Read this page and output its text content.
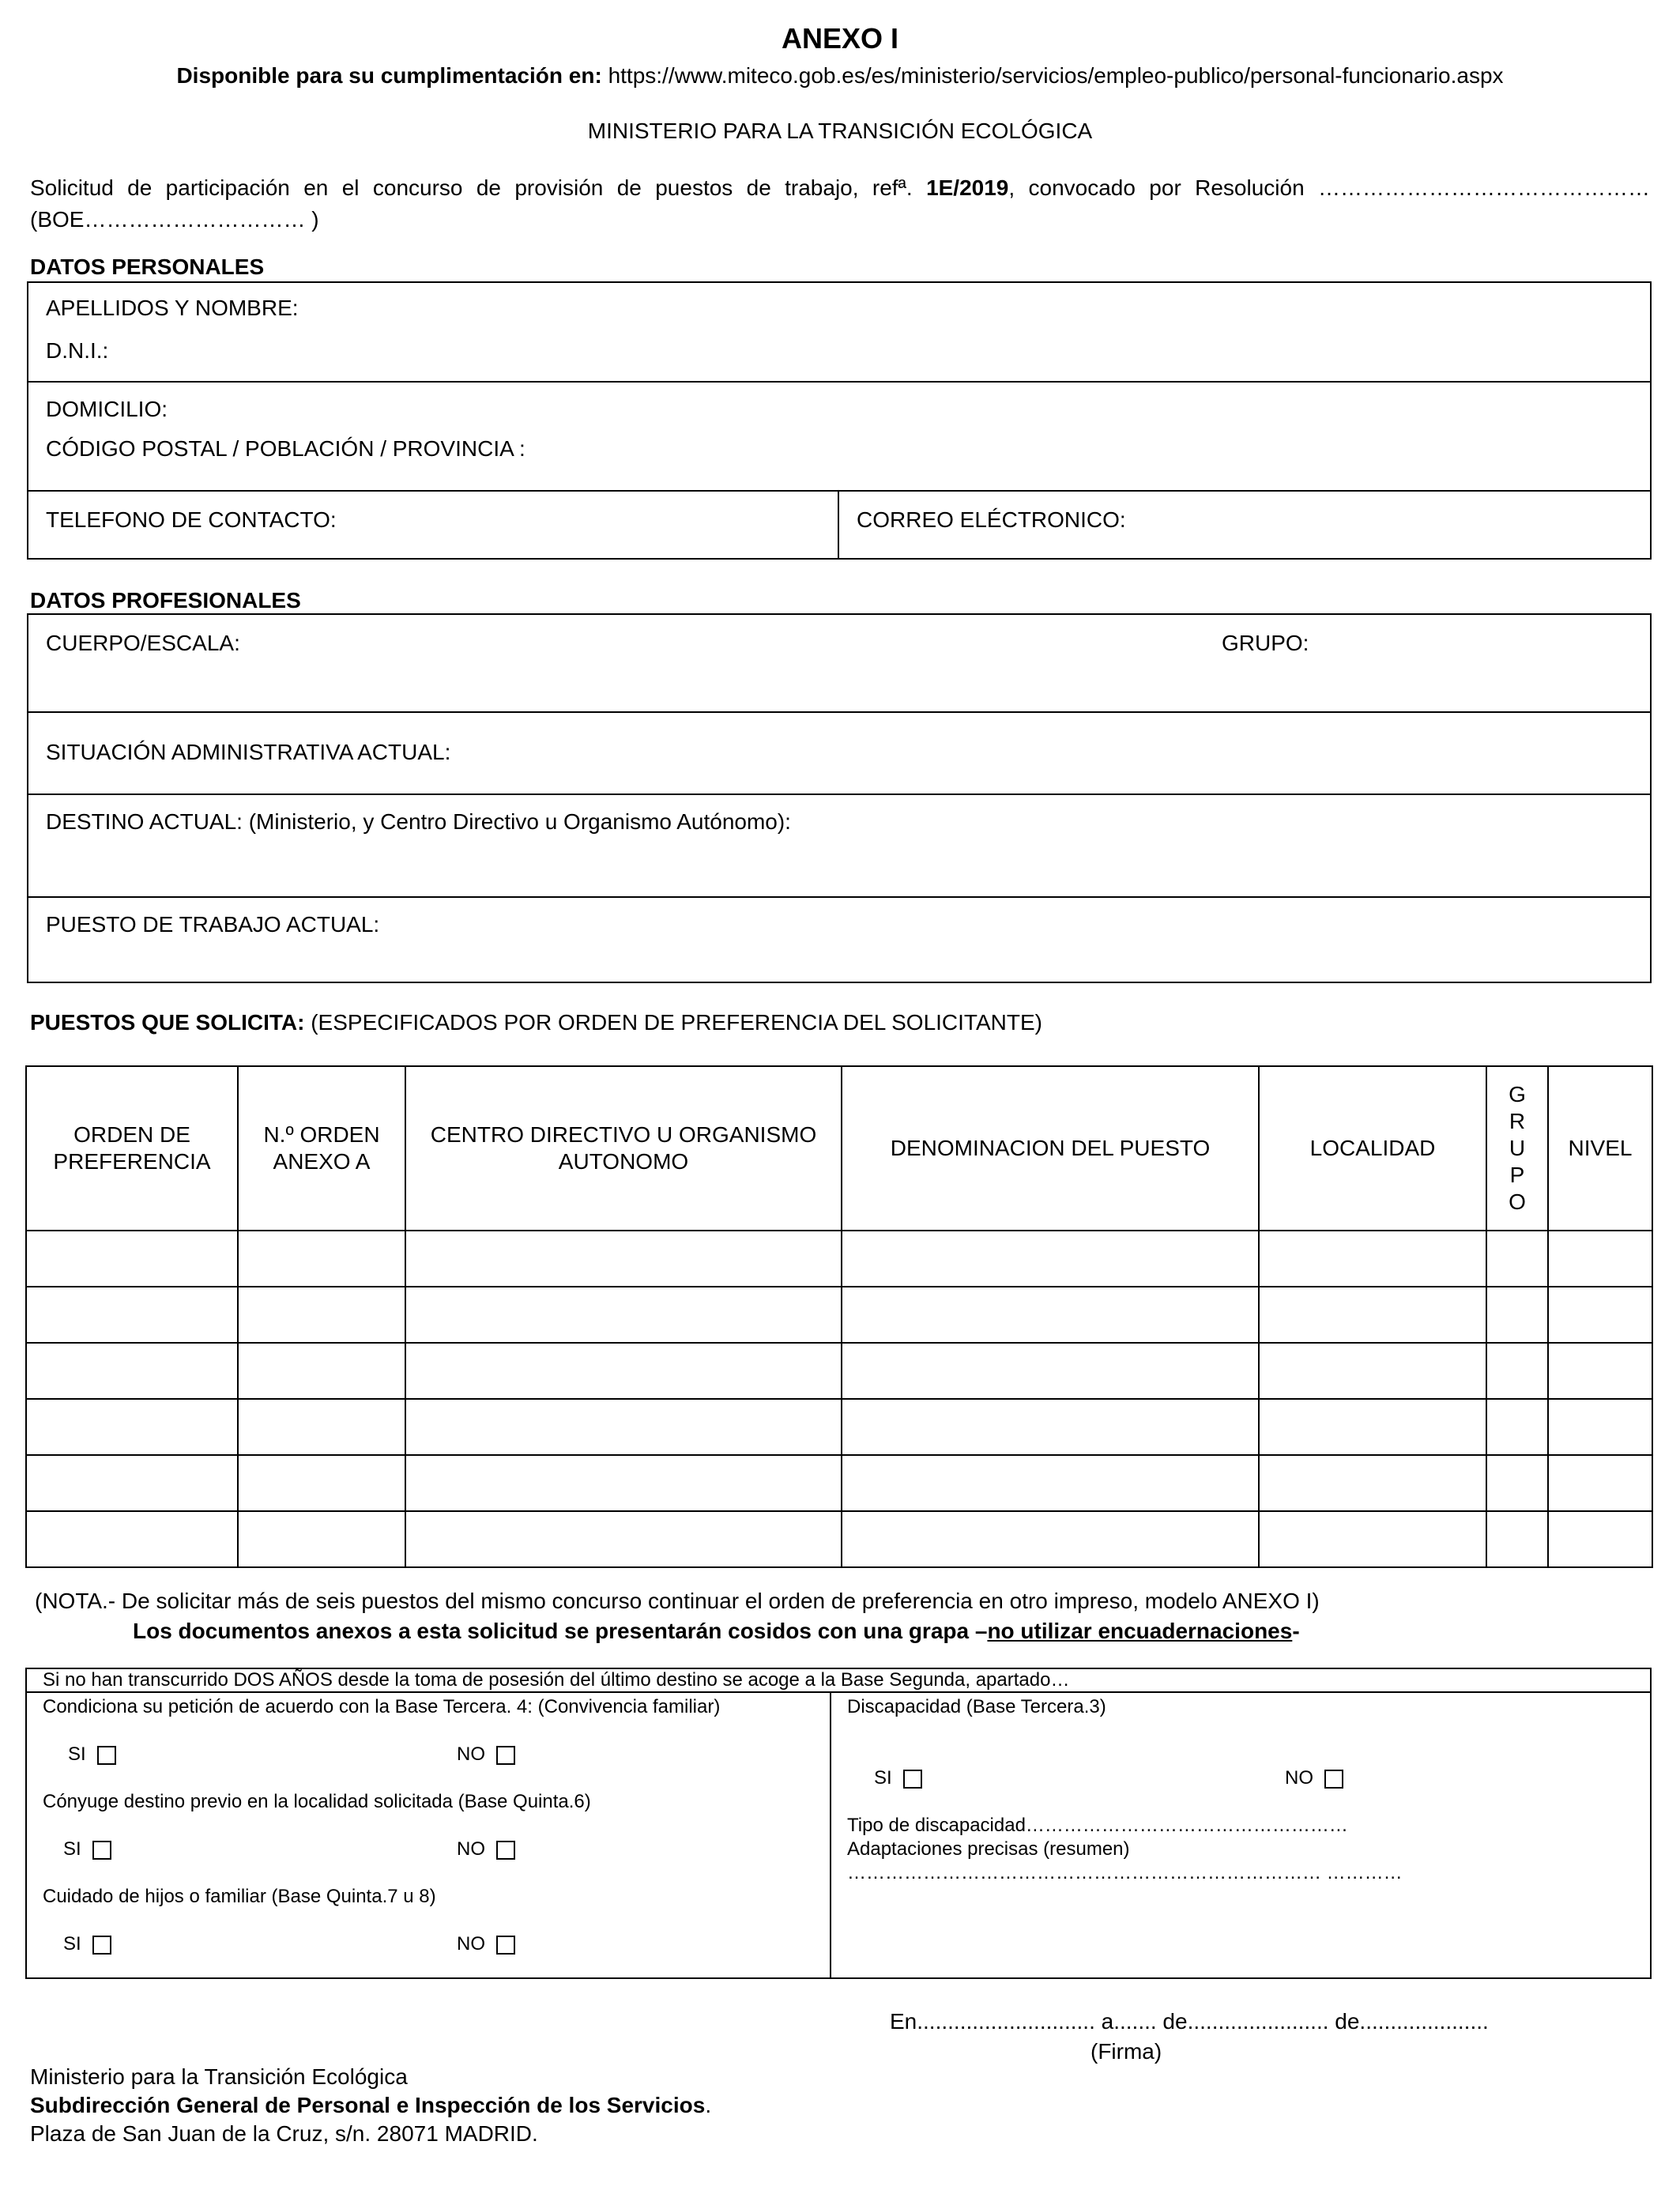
ANEXO I
Disponible para su cumplimentación en: https://www.miteco.gob.es/es/ministerio/servicios/empleo-publico/personal-funcionario.aspx
MINISTERIO PARA LA TRANSICIÓN ECOLÓGICA
Solicitud de participación en el concurso de provisión de puestos de trabajo, refª. 1E/2019, convocado por Resolución ……………………………………… (BOE………………………… )
DATOS PERSONALES
APELLIDOS Y NOMBRE:
D.N.I.:
DOMICILIO:
CÓDIGO POSTAL / POBLACIÓN / PROVINCIA :
TELEFONO DE CONTACTO:	CORREO ELÉCTRONICO:
DATOS PROFESIONALES
CUERPO/ESCALA:	GRUPO:
SITUACIÓN ADMINISTRATIVA ACTUAL:
DESTINO ACTUAL: (Ministerio, y Centro Directivo u Organismo Autónomo):
PUESTO DE TRABAJO ACTUAL:
PUESTOS QUE SOLICITA: (ESPECIFICADOS POR ORDEN DE PREFERENCIA DEL SOLICITANTE)
ORDEN DE PREFERENCIA	N.º ORDEN ANEXO A	CENTRO DIRECTIVO U ORGANISMO AUTONOMO	DENOMINACION DEL PUESTO	LOCALIDAD	GRUPO	NIVEL

(NOTA.- De solicitar más de seis puestos del mismo concurso continuar el orden de preferencia en otro impreso, modelo ANEXO I)
Los documentos anexos a esta solicitud se presentarán cosidos con una grapa –no utilizar encuadernaciones-
Si no han transcurrido DOS AÑOS desde la toma de posesión del último destino se acoge a la Base Segunda, apartado…
Condiciona su petición de acuerdo con la Base Tercera. 4: (Convivencia familiar)
SI	NO
Cónyuge destino previo en la localidad solicitada (Base Quinta.6)
SI	NO
Cuidado de hijos o familiar (Base Quinta.7 u 8)
SI	NO
Discapacidad (Base Tercera.3)
SI	NO
Tipo de discapacidad……………………………………………
Adaptaciones precisas (resumen)
………………………………………………………………… …………
En............................. a....... de....................... de.....................
(Firma)
Ministerio para la Transición Ecológica
Subdirección General de Personal e Inspección de los Servicios.
Plaza de San Juan de la Cruz, s/n. 28071 MADRID.
